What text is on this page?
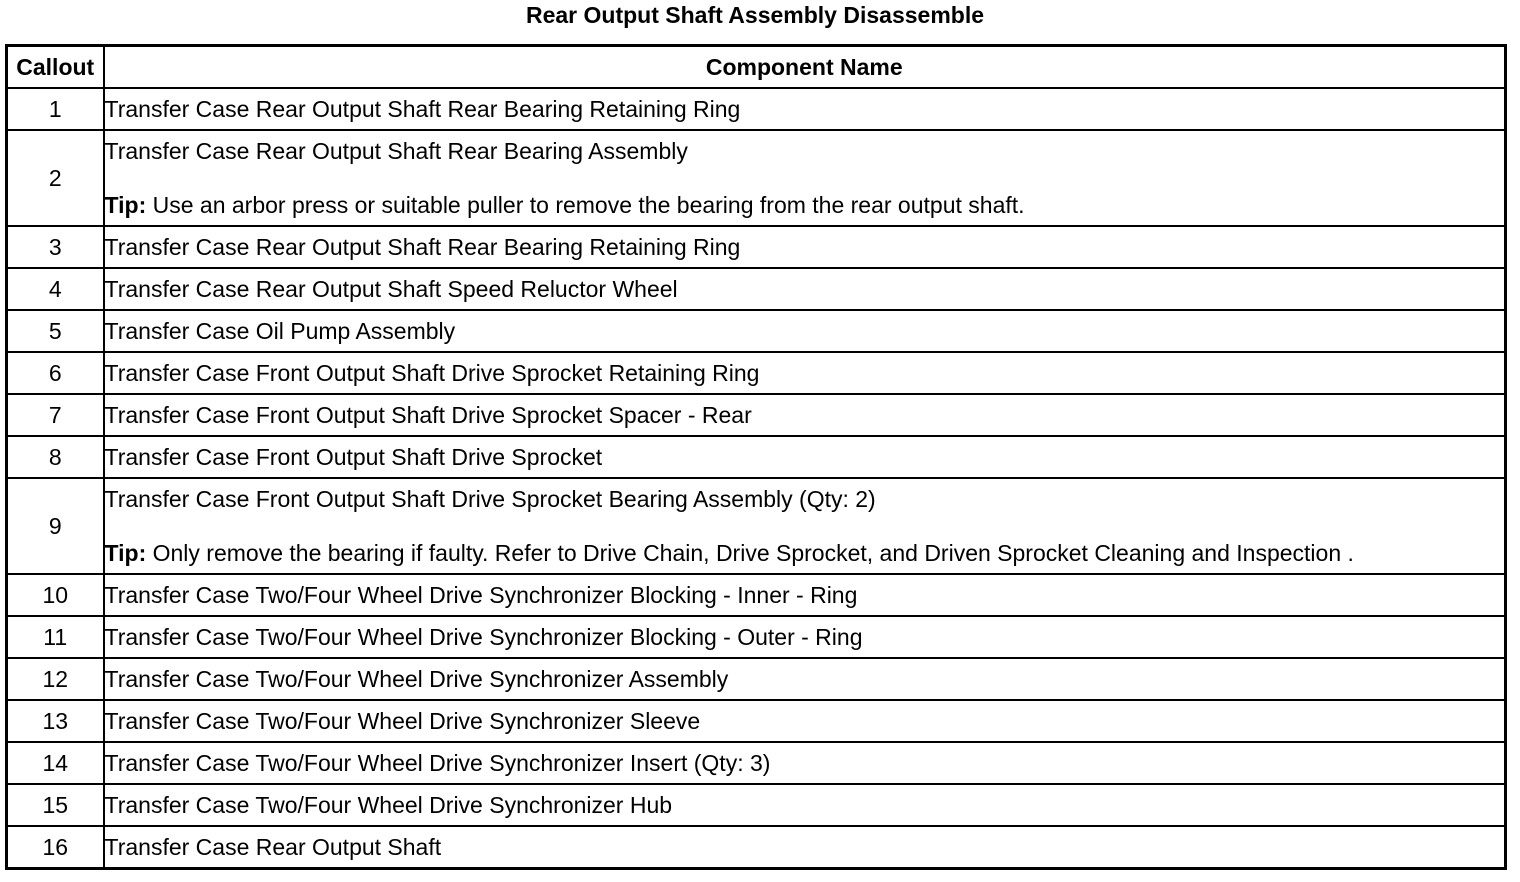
Rear Output Shaft Assembly Disassemble
Callout	Component Name
1	Transfer Case Rear Output Shaft Rear Bearing Retaining Ring
2	Transfer Case Rear Output Shaft Rear Bearing Assembly
Tip: Use an arbor press or suitable puller to remove the bearing from the rear output shaft.

3	Transfer Case Rear Output Shaft Rear Bearing Retaining Ring
4	Transfer Case Rear Output Shaft Speed Reluctor Wheel
5	Transfer Case Oil Pump Assembly
6	Transfer Case Front Output Shaft Drive Sprocket Retaining Ring
7	Transfer Case Front Output Shaft Drive Sprocket Spacer - Rear
8	Transfer Case Front Output Shaft Drive Sprocket
9	Transfer Case Front Output Shaft Drive Sprocket Bearing Assembly (Qty: 2)
Tip: Only remove the bearing if faulty. Refer to Drive Chain, Drive Sprocket, and Driven Sprocket Cleaning and Inspection .

10	Transfer Case Two/Four Wheel Drive Synchronizer Blocking - Inner - Ring
11	Transfer Case Two/Four Wheel Drive Synchronizer Blocking - Outer - Ring
12	Transfer Case Two/Four Wheel Drive Synchronizer Assembly
13	Transfer Case Two/Four Wheel Drive Synchronizer Sleeve
14	Transfer Case Two/Four Wheel Drive Synchronizer Insert (Qty: 3)
15	Transfer Case Two/Four Wheel Drive Synchronizer Hub
16	Transfer Case Rear Output Shaft
